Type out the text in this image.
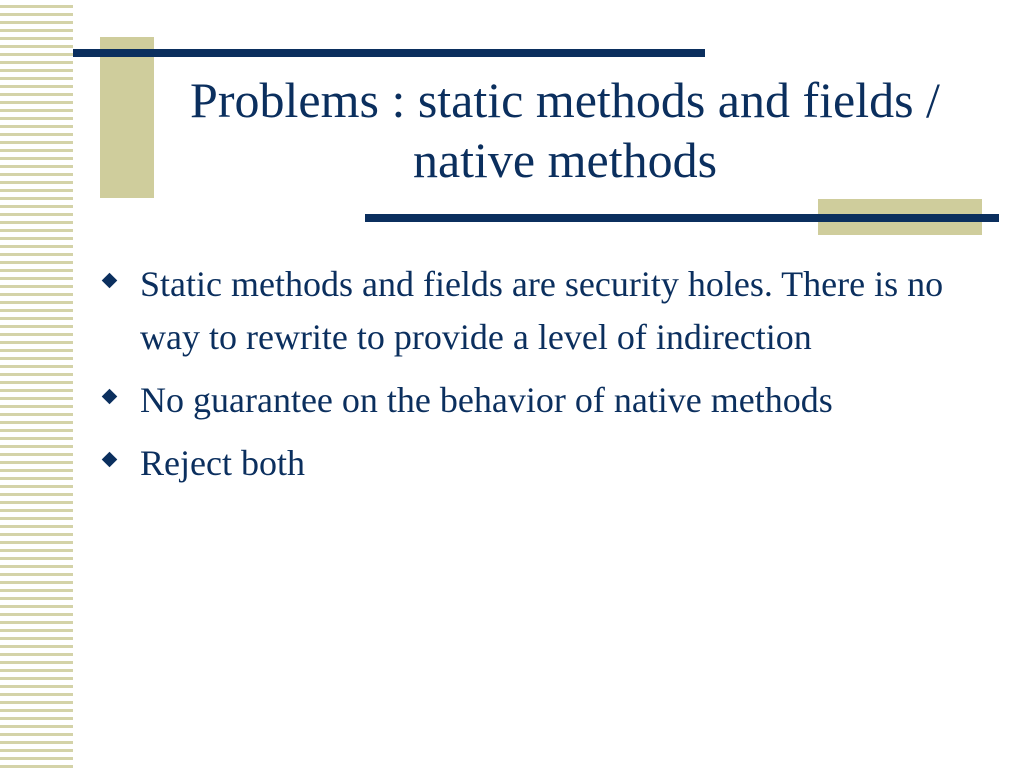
Problems : static methods and fields / native methods
Static methods and fields are security holes. There is no way to rewrite to provide a level of indirection
No guarantee on the behavior of native methods
Reject both
